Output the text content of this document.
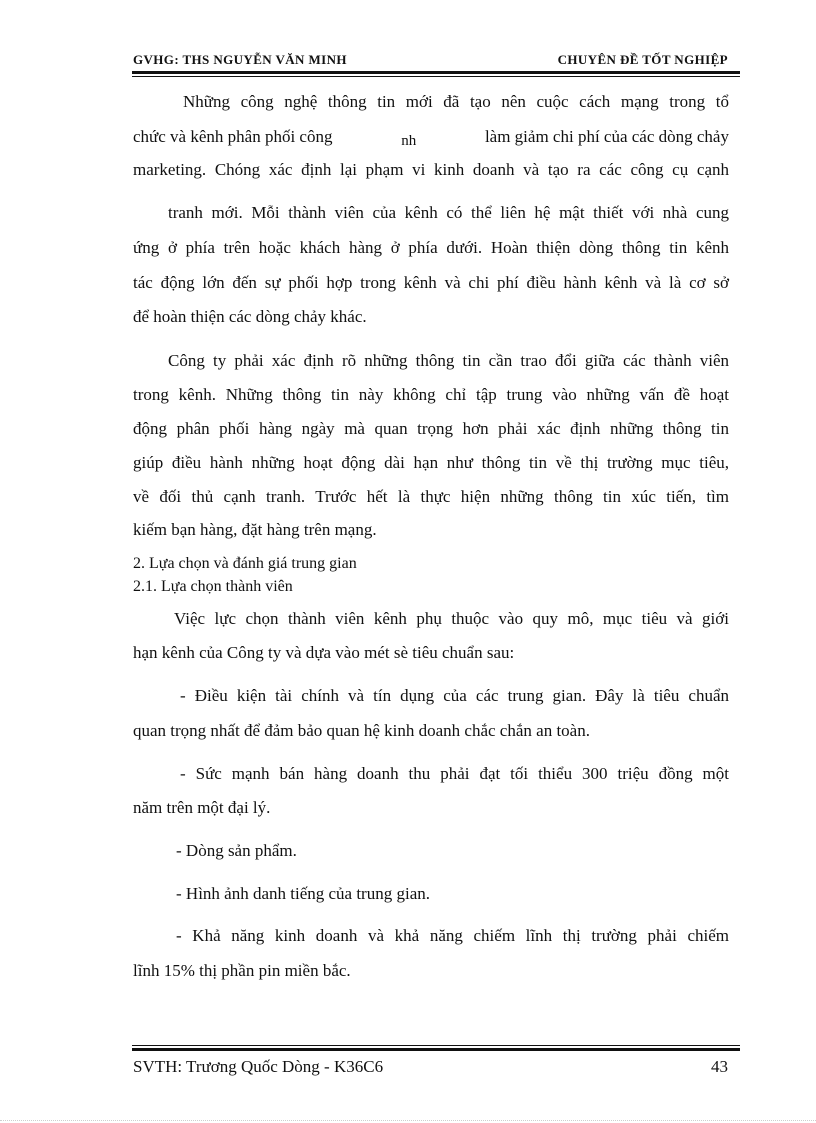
GVHG: THS NGUYỄN VĂN MINH	CHUYÊN ĐỀ TỐT NGHIỆP
Những công nghệ thông tin mới đã tạo nên cuộc cách mạng trong tổ
chức và kênh phân phối công	nh	làm giảm chi phí của các dòng chảy
marketing. Chóng xác định lại phạm vi kinh doanh và tạo ra các công cụ cạnh
tranh mới. Mỗi thành viên của kênh có thể liên hệ mật thiết với nhà cung
ứng ở phía trên hoặc khách hàng ở phía dưới. Hoàn thiện dòng thông tin kênh
tác động lớn đến sự phối hợp trong kênh và chi phí điều hành kênh và là cơ sở
để hoàn thiện các dòng chảy khác.
Công ty phải xác định rõ những thông tin cần trao đổi giữa các thành viên
trong kênh. Những thông tin này không chỉ tập trung vào những vấn đề hoạt
động phân phối hàng ngày mà quan trọng hơn phải xác định những thông tin
giúp điều hành những hoạt động dài hạn như thông tin về thị trường mục tiêu,
về đối thủ cạnh tranh. Trước hết là thực hiện những thông tin xúc tiến, tìm
kiếm bạn hàng, đặt hàng trên mạng.
2. Lựa chọn và đánh giá trung gian
2.1. Lựa chọn thành viên
Việc lực chọn thành viên kênh phụ thuộc vào quy mô, mục tiêu và giới
hạn kênh của Công ty và dựa vào mét sè tiêu chuẩn sau:
- Điều kiện tài chính và tín dụng của các trung gian. Đây là tiêu chuẩn
quan trọng nhất để đảm bảo quan hệ kinh doanh chắc chắn an toàn.
- Sức mạnh bán hàng doanh thu phải đạt tối thiểu 300 triệu đồng một
năm trên một đại lý.
- Dòng sản phẩm.
- Hình ảnh danh tiếng của trung gian.
- Khả năng kinh doanh và khả năng chiếm lĩnh thị trường phải chiếm
lĩnh 15% thị phần pin miền bắc.
SVTH: Trương Quốc Dòng - K36C6	43
